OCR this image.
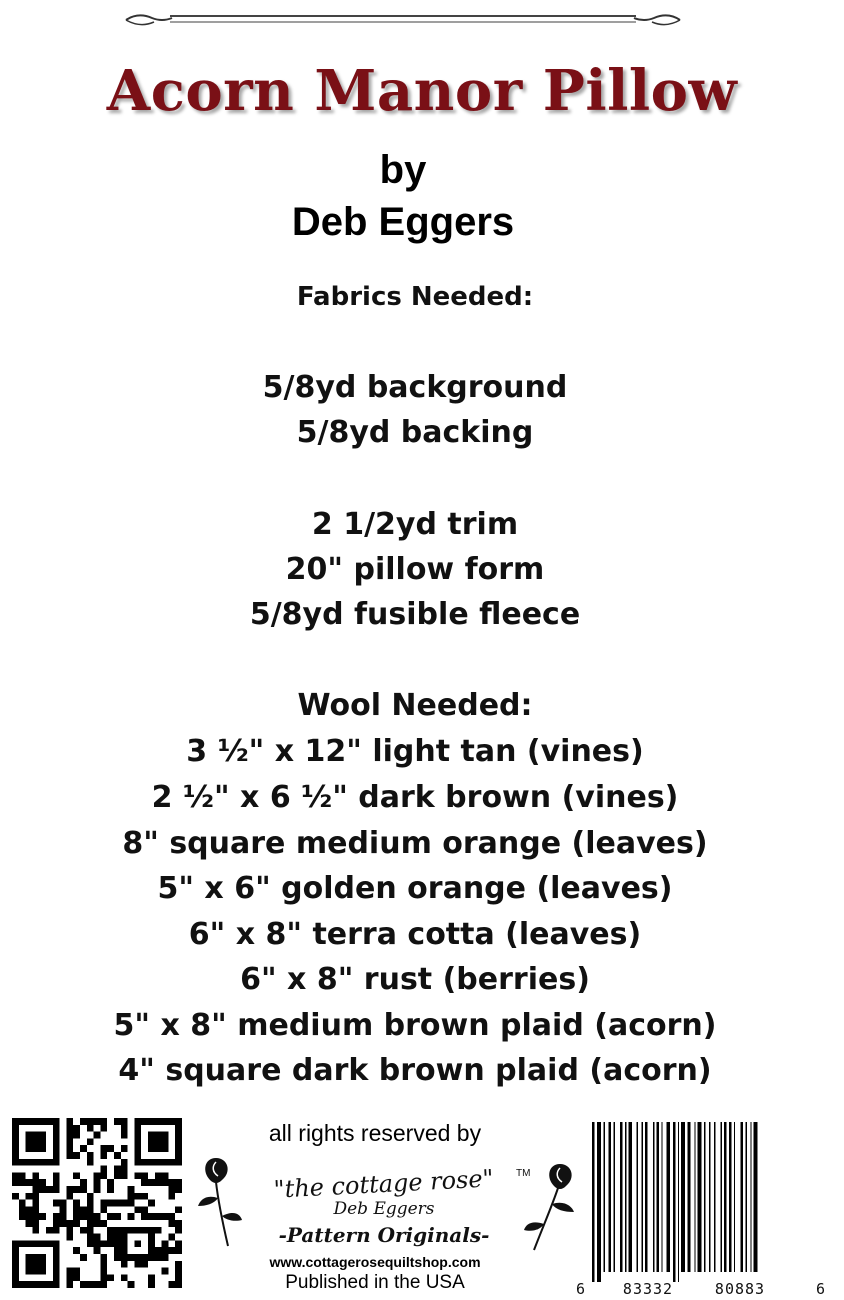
Acorn Manor Pillow
by
Deb Eggers
Fabrics Needed:
5/8yd background
5/8yd backing
2 1/2yd trim
20" pillow form
5/8yd fusible fleece
Wool Needed:
3 ½" x 12" light tan (vines)
2 ½" x 6 ½" dark brown (vines)
8" square medium orange (leaves)
5" x 6" golden orange (leaves)
6" x 8" terra cotta (leaves)
6" x 8" rust (berries)
5" x 8" medium brown plaid (acorn)
4" square dark brown plaid (acorn)
all rights reserved by
"the cottage rose" TM
Deb Eggers
-Pattern Originals-
www.cottagerosequiltshop.com
Published in the USA	6	83332	80883	6
